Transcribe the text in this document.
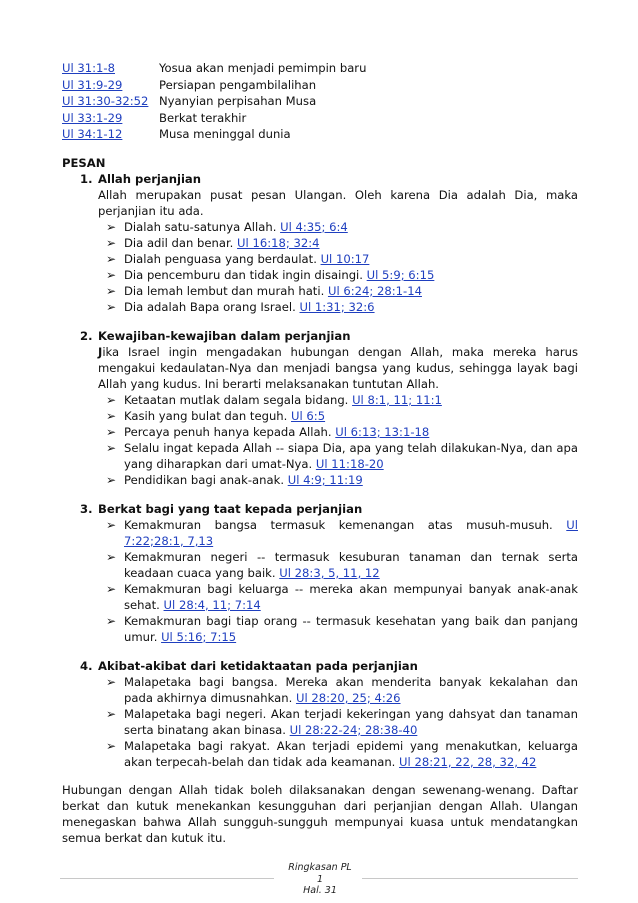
Ul 31:1-8	Yosua akan menjadi pemimpin baru
Ul 31:9-29	Persiapan pengambilalihan
Ul 31:30-32:52 Nyanyian perpisahan Musa
Ul 33:1-29	Berkat terakhir
Ul 34:1-12	Musa meninggal dunia
PESAN
1. Allah perjanjian
Allah merupakan pusat pesan Ulangan. Oleh karena Dia adalah Dia, maka perjanjian itu ada.
➢ Dialah satu-satunya Allah. Ul 4:35; 6:4
➢ Dia adil dan benar. Ul 16:18; 32:4
➢ Dialah penguasa yang berdaulat. Ul 10:17
➢ Dia pencemburu dan tidak ingin disaingi. Ul 5:9; 6:15
➢ Dia lemah lembut dan murah hati. Ul 6:24; 28:1-14
➢ Dia adalah Bapa orang Israel. Ul 1:31; 32:6
2. Kewajiban-kewajiban dalam perjanjian
Jika Israel ingin mengadakan hubungan dengan Allah, maka mereka harus mengakui kedaulatan-Nya dan menjadi bangsa yang kudus, sehingga layak bagi Allah yang kudus. Ini berarti melaksanakan tuntutan Allah.
➢ Ketaatan mutlak dalam segala bidang. Ul 8:1, 11; 11:1
➢ Kasih yang bulat dan teguh. Ul 6:5
➢ Percaya penuh hanya kepada Allah. Ul 6:13; 13:1-18
➢ Selalu ingat kepada Allah -- siapa Dia, apa yang telah dilakukan-Nya, dan apa yang diharapkan dari umat-Nya. Ul 11:18-20
➢ Pendidikan bagi anak-anak. Ul 4:9; 11:19
3. Berkat bagi yang taat kepada perjanjian
➢ Kemakmuran bangsa termasuk kemenangan atas musuh-musuh. Ul 7:22;28:1, 7,13
➢ Kemakmuran negeri -- termasuk kesuburan tanaman dan ternak serta keadaan cuaca yang baik. Ul 28:3, 5, 11, 12
➢ Kemakmuran bagi keluarga -- mereka akan mempunyai banyak anak-anak sehat. Ul 28:4, 11; 7:14
➢ Kemakmuran bagi tiap orang -- termasuk kesehatan yang baik dan panjang umur. Ul 5:16; 7:15
4. Akibat-akibat dari ketidaktaatan pada perjanjian
➢ Malapetaka bagi bangsa. Mereka akan menderita banyak kekalahan dan pada akhirnya dimusnahkan. Ul 28:20, 25; 4:26
➢ Malapetaka bagi negeri. Akan terjadi kekeringan yang dahsyat dan tanaman serta binatang akan binasa. Ul 28:22-24; 28:38-40
➢ Malapetaka bagi rakyat. Akan terjadi epidemi yang menakutkan, keluarga akan terpecah-belah dan tidak ada keamanan. Ul 28:21, 22, 28, 32, 42
Hubungan dengan Allah tidak boleh dilaksanakan dengan sewenang-wenang. Daftar berkat dan kutuk menekankan kesungguhan dari perjanjian dengan Allah. Ulangan menegaskan bahwa Allah sungguh-sungguh mempunyai kuasa untuk mendatangkan semua berkat dan kutuk itu.
Ringkasan PL
1
Hal. 31
